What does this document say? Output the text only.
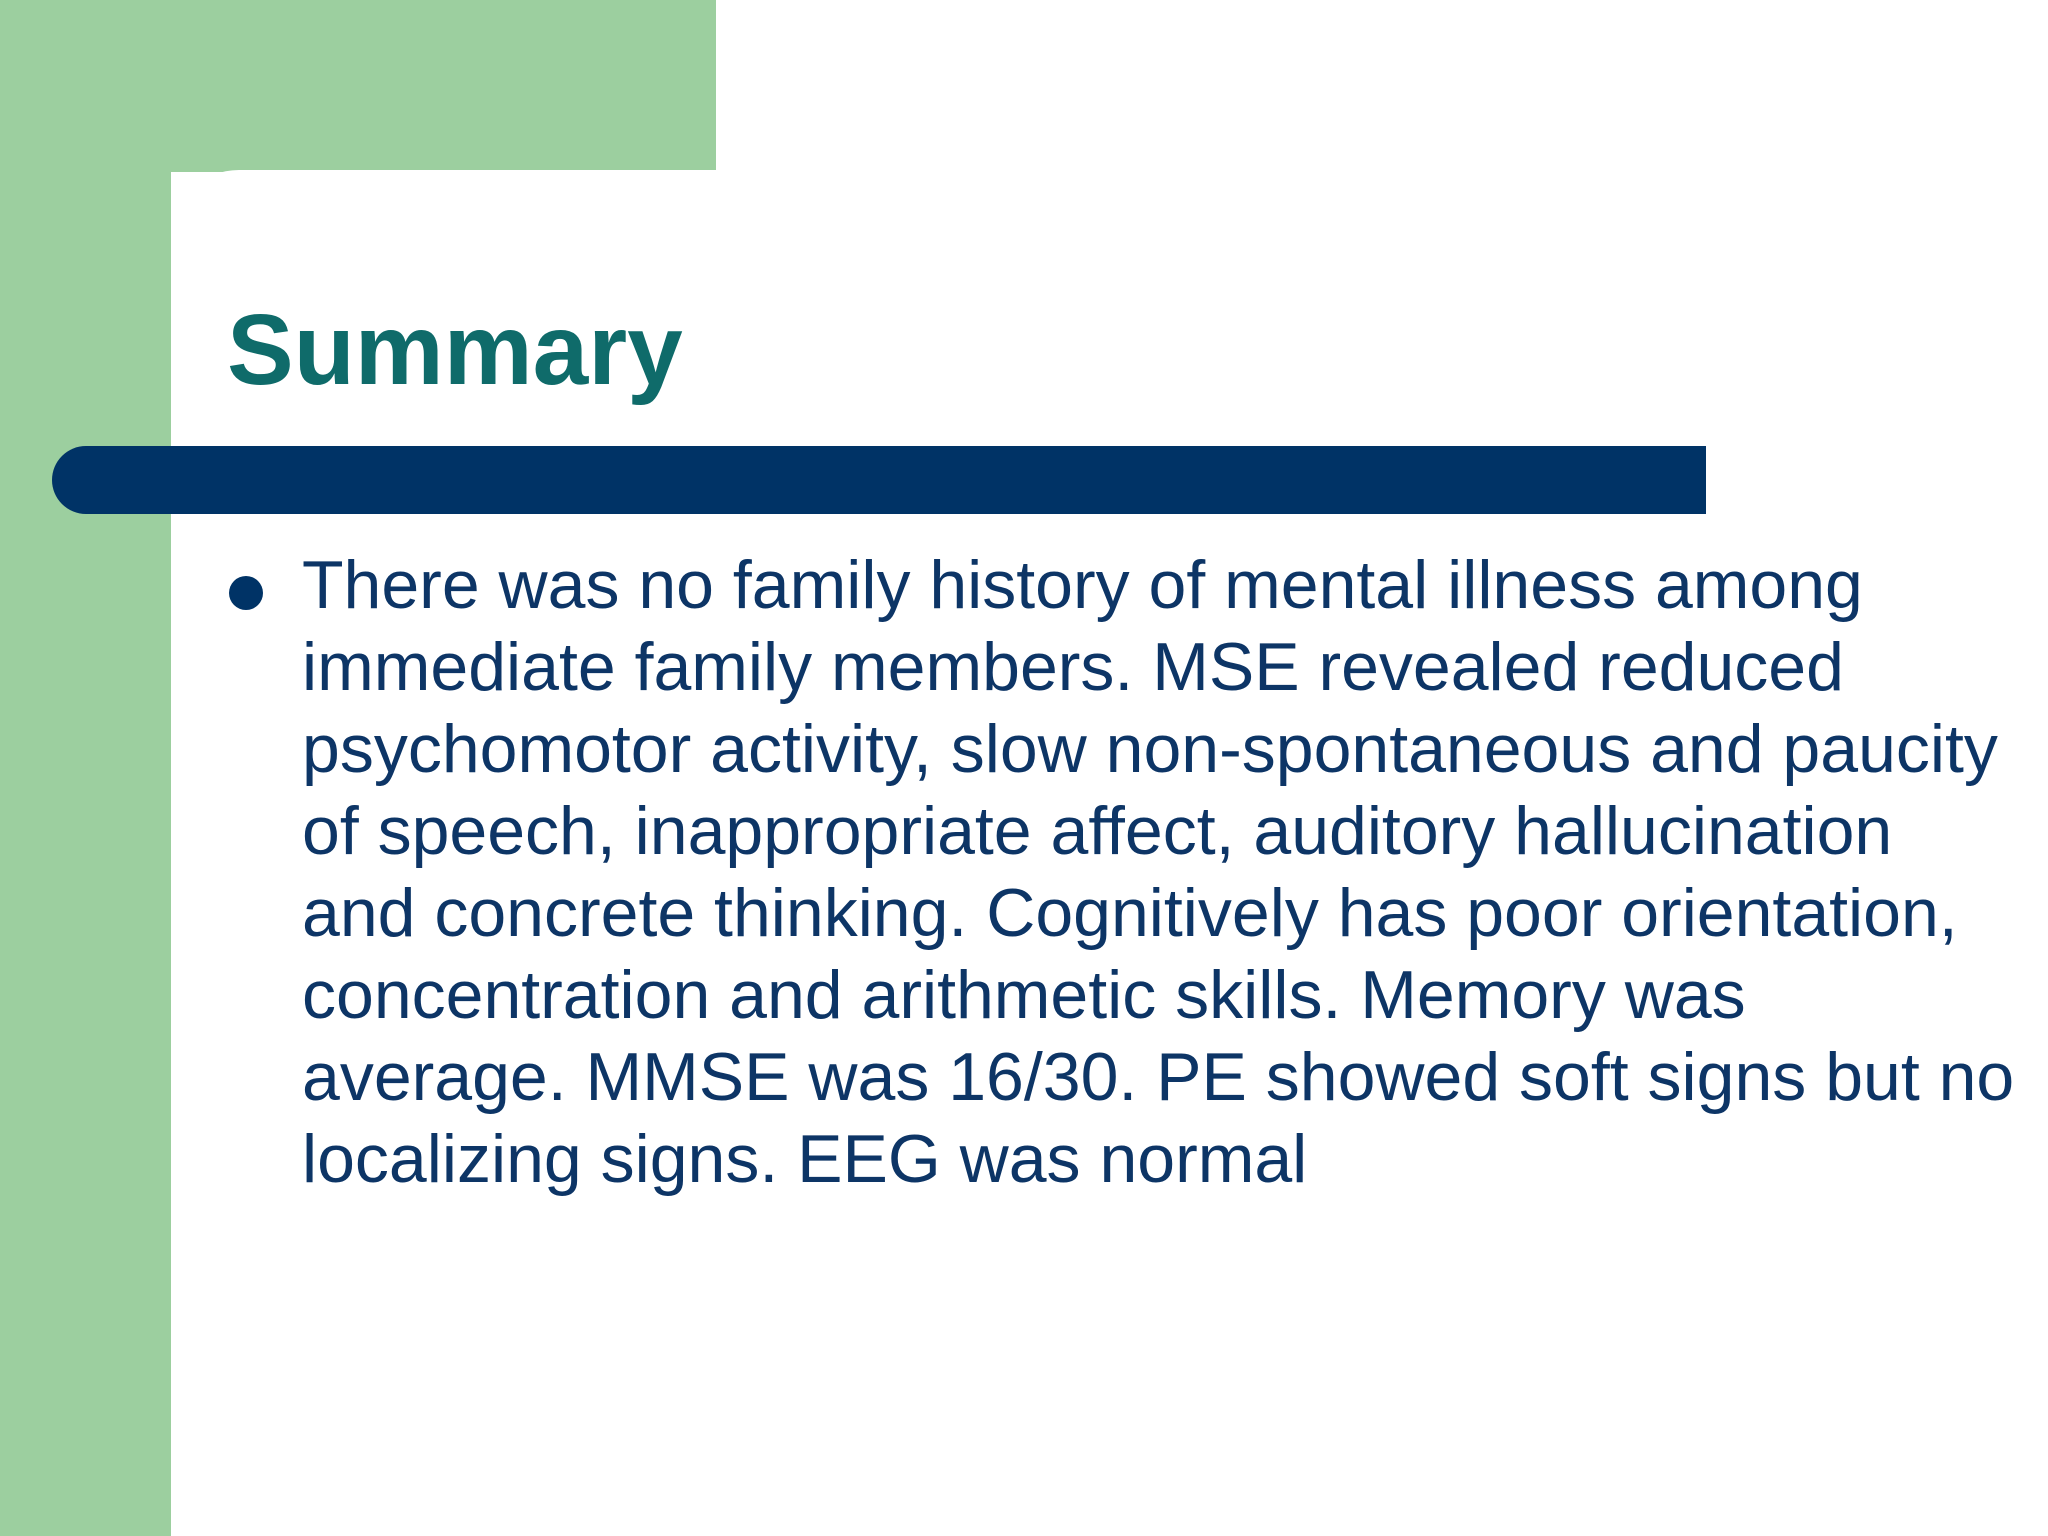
Summary

There was no family history of mental illness among immediate family members. MSE revealed reduced psychomotor activity, slow non-spontaneous and paucity of speech, inappropriate affect, auditory hallucination and concrete thinking. Cognitively has poor orientation, concentration and arithmetic skills. Memory was average. MMSE was 16/30. PE showed soft signs but no localizing signs. EEG was normal
